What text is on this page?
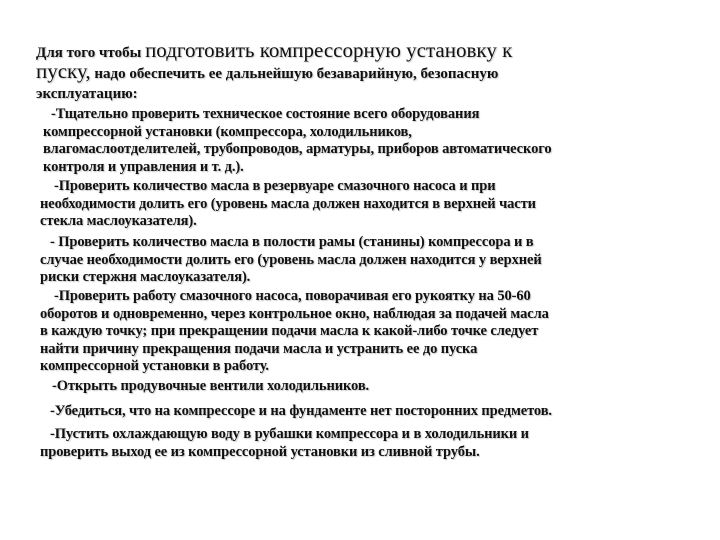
Для того чтобы подготовить компрессорную установку к
пуску, надо обеспечить ее дальнейшую безаварийную, безопасную
эксплуатацию:

-Тщательно проверить техническое состояние всего оборудования
компрессорной установки (компрессора, холодильников,
влагомаслоотделителей, трубопроводов, арматуры, приборов автоматического
контроля и управления и т. д.).

-Проверить количество масла в резервуаре смазочного насоса и при
необходимости долить его (уровень масла должен находится в верхней части
стекла маслоуказателя).

- Проверить количество масла в полости рамы (станины) компрессора и в
случае необходимости долить его (уровень масла должен находится у верхней
риски стержня маслоуказателя).

-Проверить работу смазочного насоса, поворачивая его рукоятку на 50-60
оборотов и одновременно, через контрольное окно, наблюдая за подачей масла
в каждую точку; при прекращении подачи масла к какой-либо точке следует
найти причину прекращения подачи масла и устранить ее до пуска
компрессорной установки в работу.

-Открыть продувочные вентили холодильников.

-Убедиться, что на компрессоре и на фундаменте нет посторонних предметов.

-Пустить охлаждающую воду в рубашки компрессора и в холодильники и
проверить выход ее из компрессорной установки из сливной трубы.
